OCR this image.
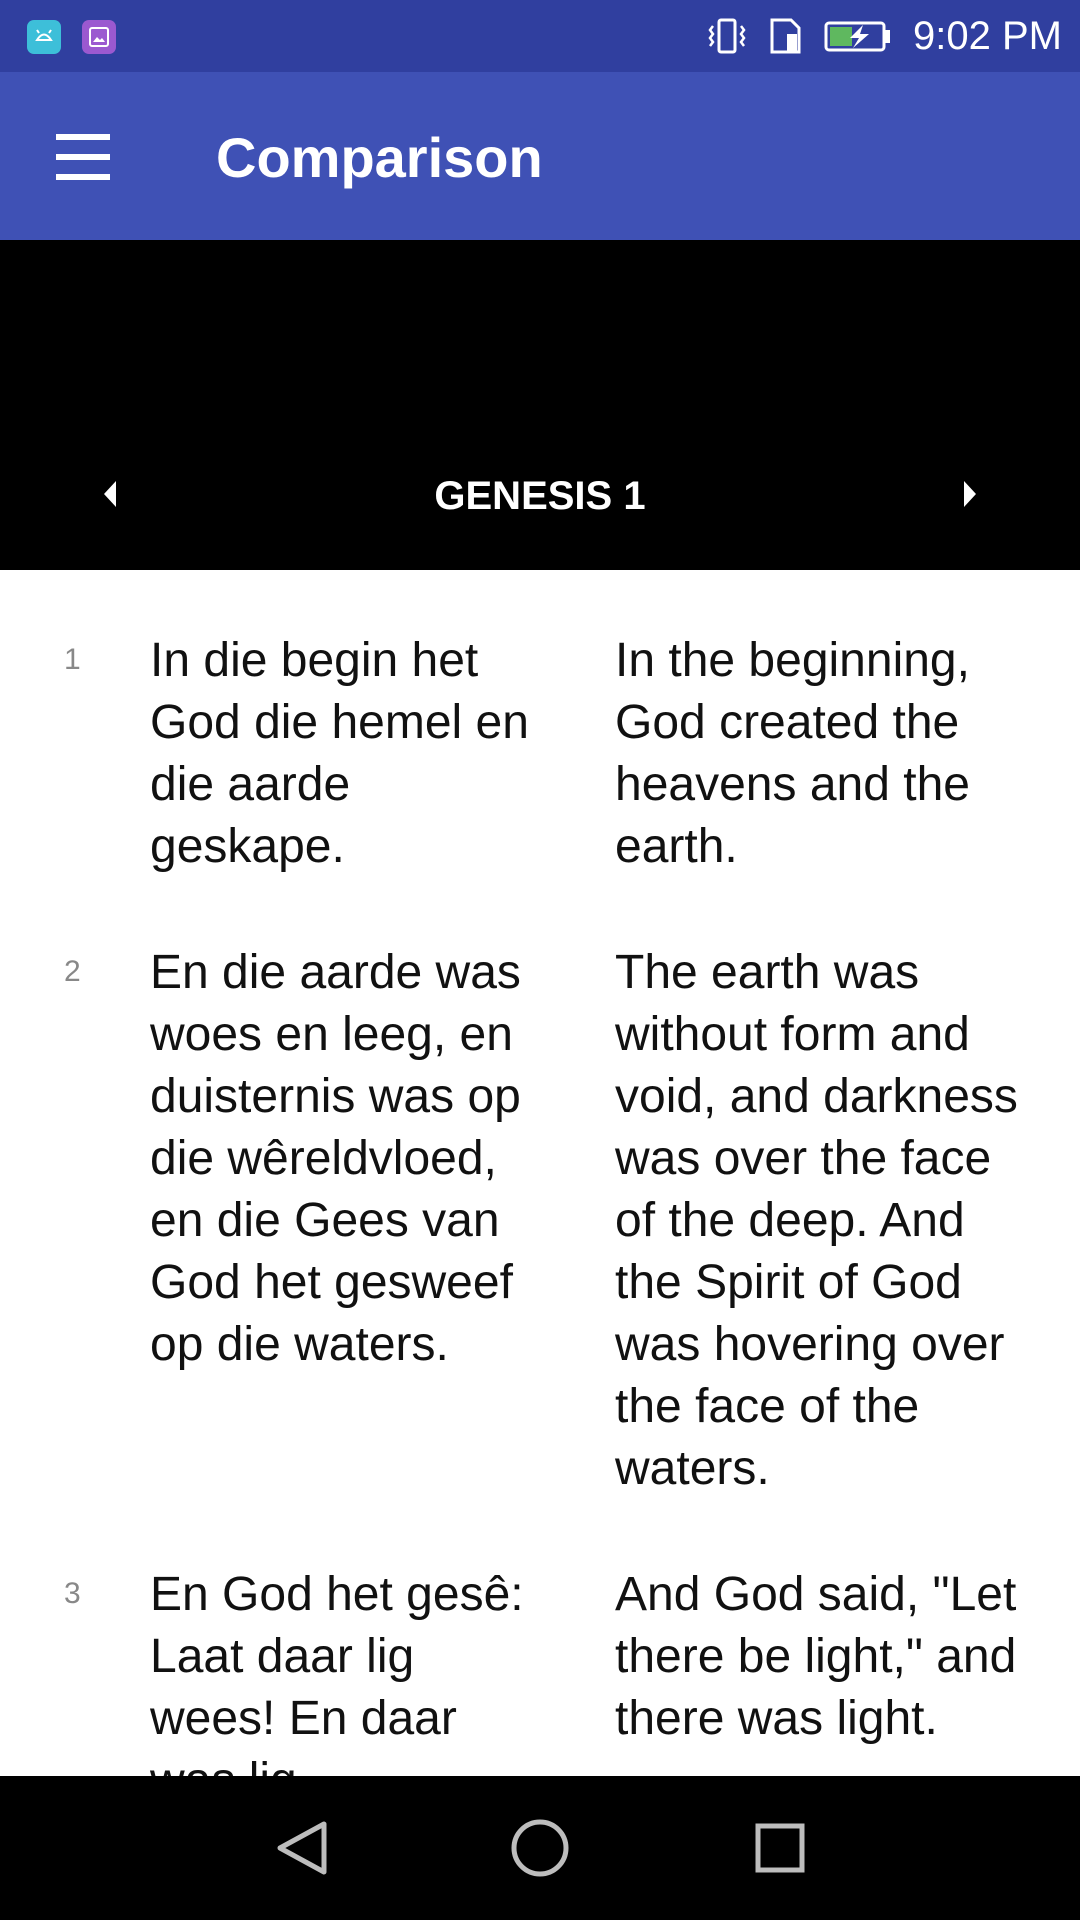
9:02 PM
Comparison
GENESIS 1
1	In die begin het God die hemel en die aarde geskape.
In the beginning, God created the heavens and the earth.
2	En die aarde was woes en leeg, en duisternis was op die wêreldvloed, en die Gees van God het gesweef op die waters.
The earth was without form and void, and darkness was over the face of the deep. And the Spirit of God was hovering over the face of the waters.
3	En God het gesê: Laat daar lig wees! En daar
And God said, "Let there be light," and there was light.
